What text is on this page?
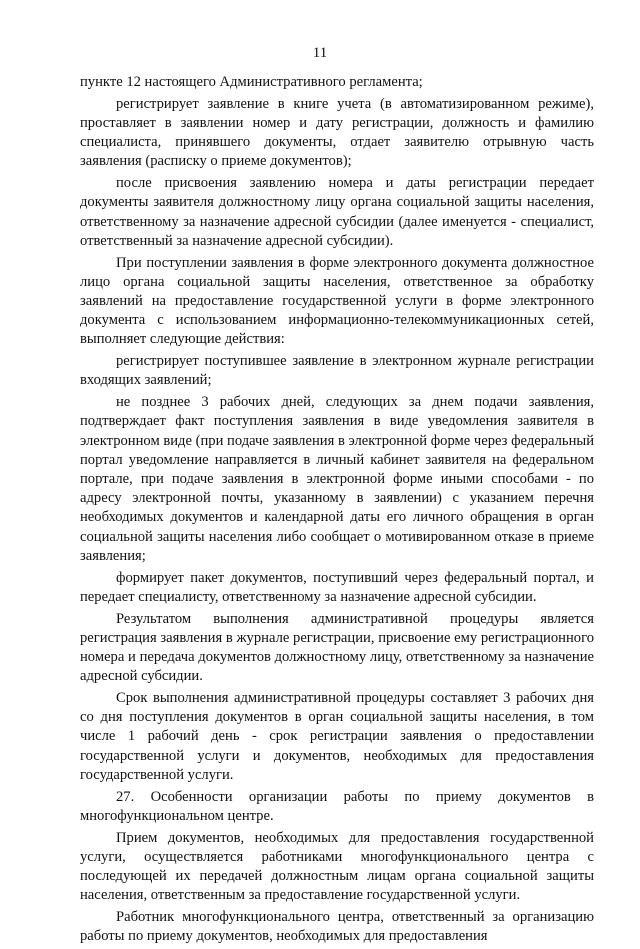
11

пункте 12 настоящего Административного регламента;

регистрирует заявление в книге учета (в автоматизированном режиме), проставляет в заявлении номер и дату регистрации, должность и фамилию специалиста, принявшего документы, отдает заявителю отрывную часть заявления (расписку о приеме документов);

после присвоения заявлению номера и даты регистрации передает документы заявителя должностному лицу органа социальной защиты населения, ответственному за назначение адресной субсидии (далее именуется - специалист, ответственный за назначение адресной субсидии).

При поступлении заявления в форме электронного документа должностное лицо органа социальной защиты населения, ответственное за обработку заявлений на предоставление государственной услуги в форме электронного документа с использованием информационно-телекоммуникационных сетей, выполняет следующие действия:

регистрирует поступившее заявление в электронном журнале регистрации входящих заявлений;

не позднее 3 рабочих дней, следующих за днем подачи заявления, подтверждает факт поступления заявления в виде уведомления заявителя в электронном виде (при подаче заявления в электронной форме через федеральный портал уведомление направляется в личный кабинет заявителя на федеральном портале, при подаче заявления в электронной форме иными способами - по адресу электронной почты, указанному в заявлении) с указанием перечня необходимых документов и календарной даты его личного обращения в орган социальной защиты населения либо сообщает о мотивированном отказе в приеме заявления;

формирует пакет документов, поступивший через федеральный портал, и передает специалисту, ответственному за назначение адресной субсидии.

Результатом выполнения административной процедуры является регистрация заявления в журнале регистрации, присвоение ему регистрационного номера и передача документов должностному лицу, ответственному за назначение адресной субсидии.

Срок выполнения административной процедуры составляет 3 рабочих дня со дня поступления документов в орган социальной защиты населения, в том числе 1 рабочий день - срок регистрации заявления о предоставлении государственной услуги и документов, необходимых для предоставления государственной услуги.

27. Особенности организации работы по приему документов в многофункциональном центре.

Прием документов, необходимых для предоставления государственной услуги, осуществляется работниками многофункционального центра с последующей их передачей должностным лицам органа социальной защиты населения, ответственным за предоставление государственной услуги.

Работник многофункционального центра, ответственный за организацию работы по приему документов, необходимых для предоставления
